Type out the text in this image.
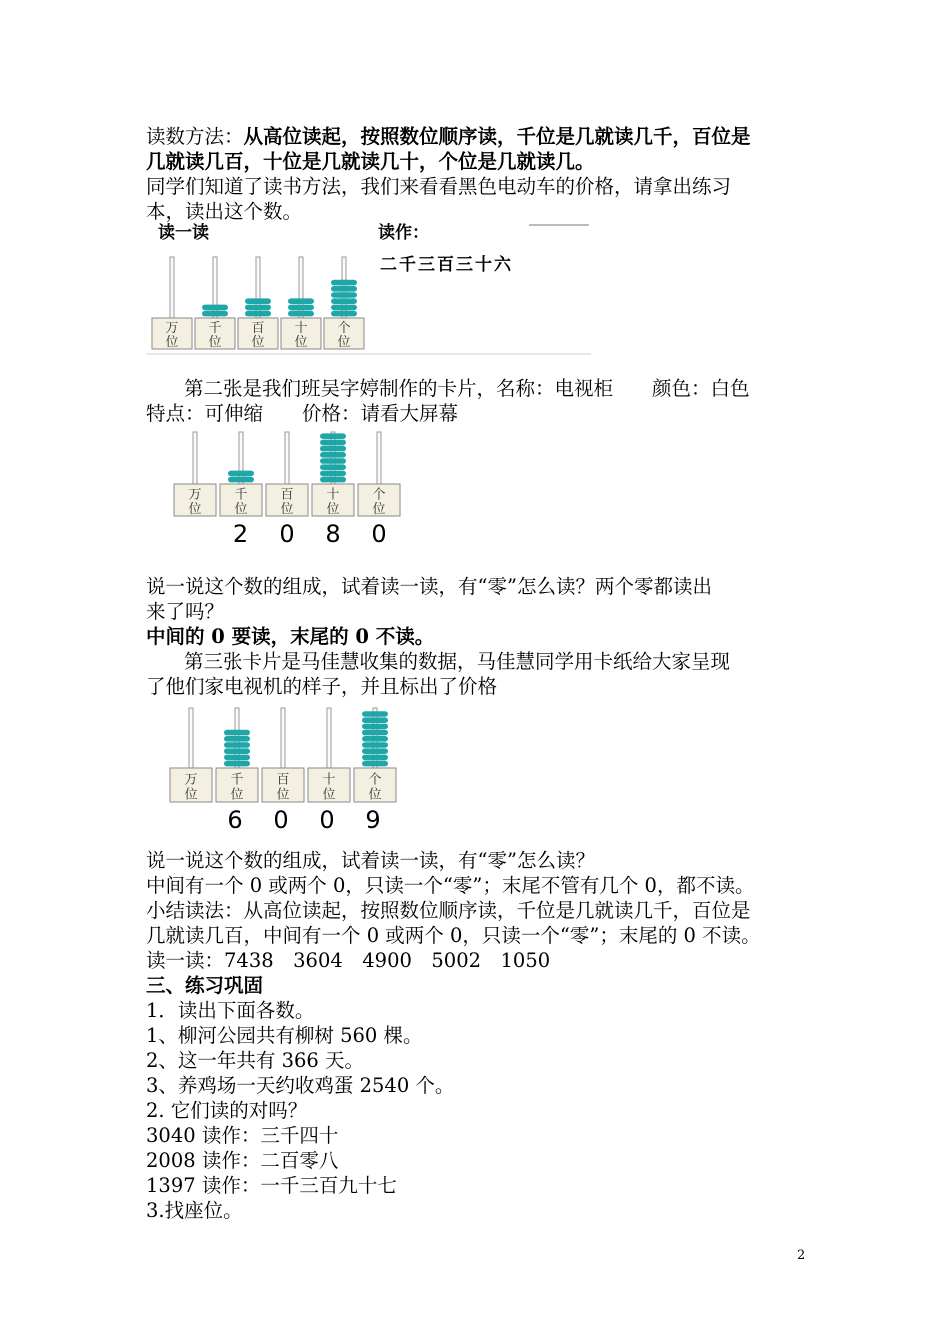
读数方法：从高位读起，按照数位顺序读，千位是几就读几千，百位是
几就读几百，十位是几就读几十，个位是几就读几。
同学们知道了读书方法，我们来看看黑色电动车的价格，请拿出练习
本，读出这个数。
读一读	读作：
二千三百三十六
万
位
千
位
百
位
十
位
个
位
第二张是我们班吴字婷制作的卡片，名称：电视柜　　颜色：白色
特点：可伸缩　　价格：请看大屏幕
万
位
千
位
百
位
十
位
个
位
2 0 8 0
说一说这个数的组成，试着读一读，有“零”怎么读？两个零都读出
来了吗？
中间的 0 要读，末尾的 0 不读。
第三张卡片是马佳慧收集的数据，马佳慧同学用卡纸给大家呈现
了他们家电视机的样子，并且标出了价格
万
位
千
位
百
位
十
位
个
位
6 0 0 9
说一说这个数的组成，试着读一读，有“零”怎么读？
中间有一个 0 或两个 0，只读一个“零”；末尾不管有几个 0，都不读。
小结读法：从高位读起，按照数位顺序读，千位是几就读几千，百位是
几就读几百，中间有一个 0 或两个 0，只读一个“零”；末尾的 0 不读。
读一读：7438　3604　4900　5002　1050
三、练习巩固
1．读出下面各数。
1、柳河公园共有柳树 560 棵。
2、这一年共有 366 天。
3、养鸡场一天约收鸡蛋 2540 个。
2. 它们读的对吗？
3040 读作：三千四十
2008 读作：二百零八
1397 读作：一千三百九十七
3.找座位。
2
